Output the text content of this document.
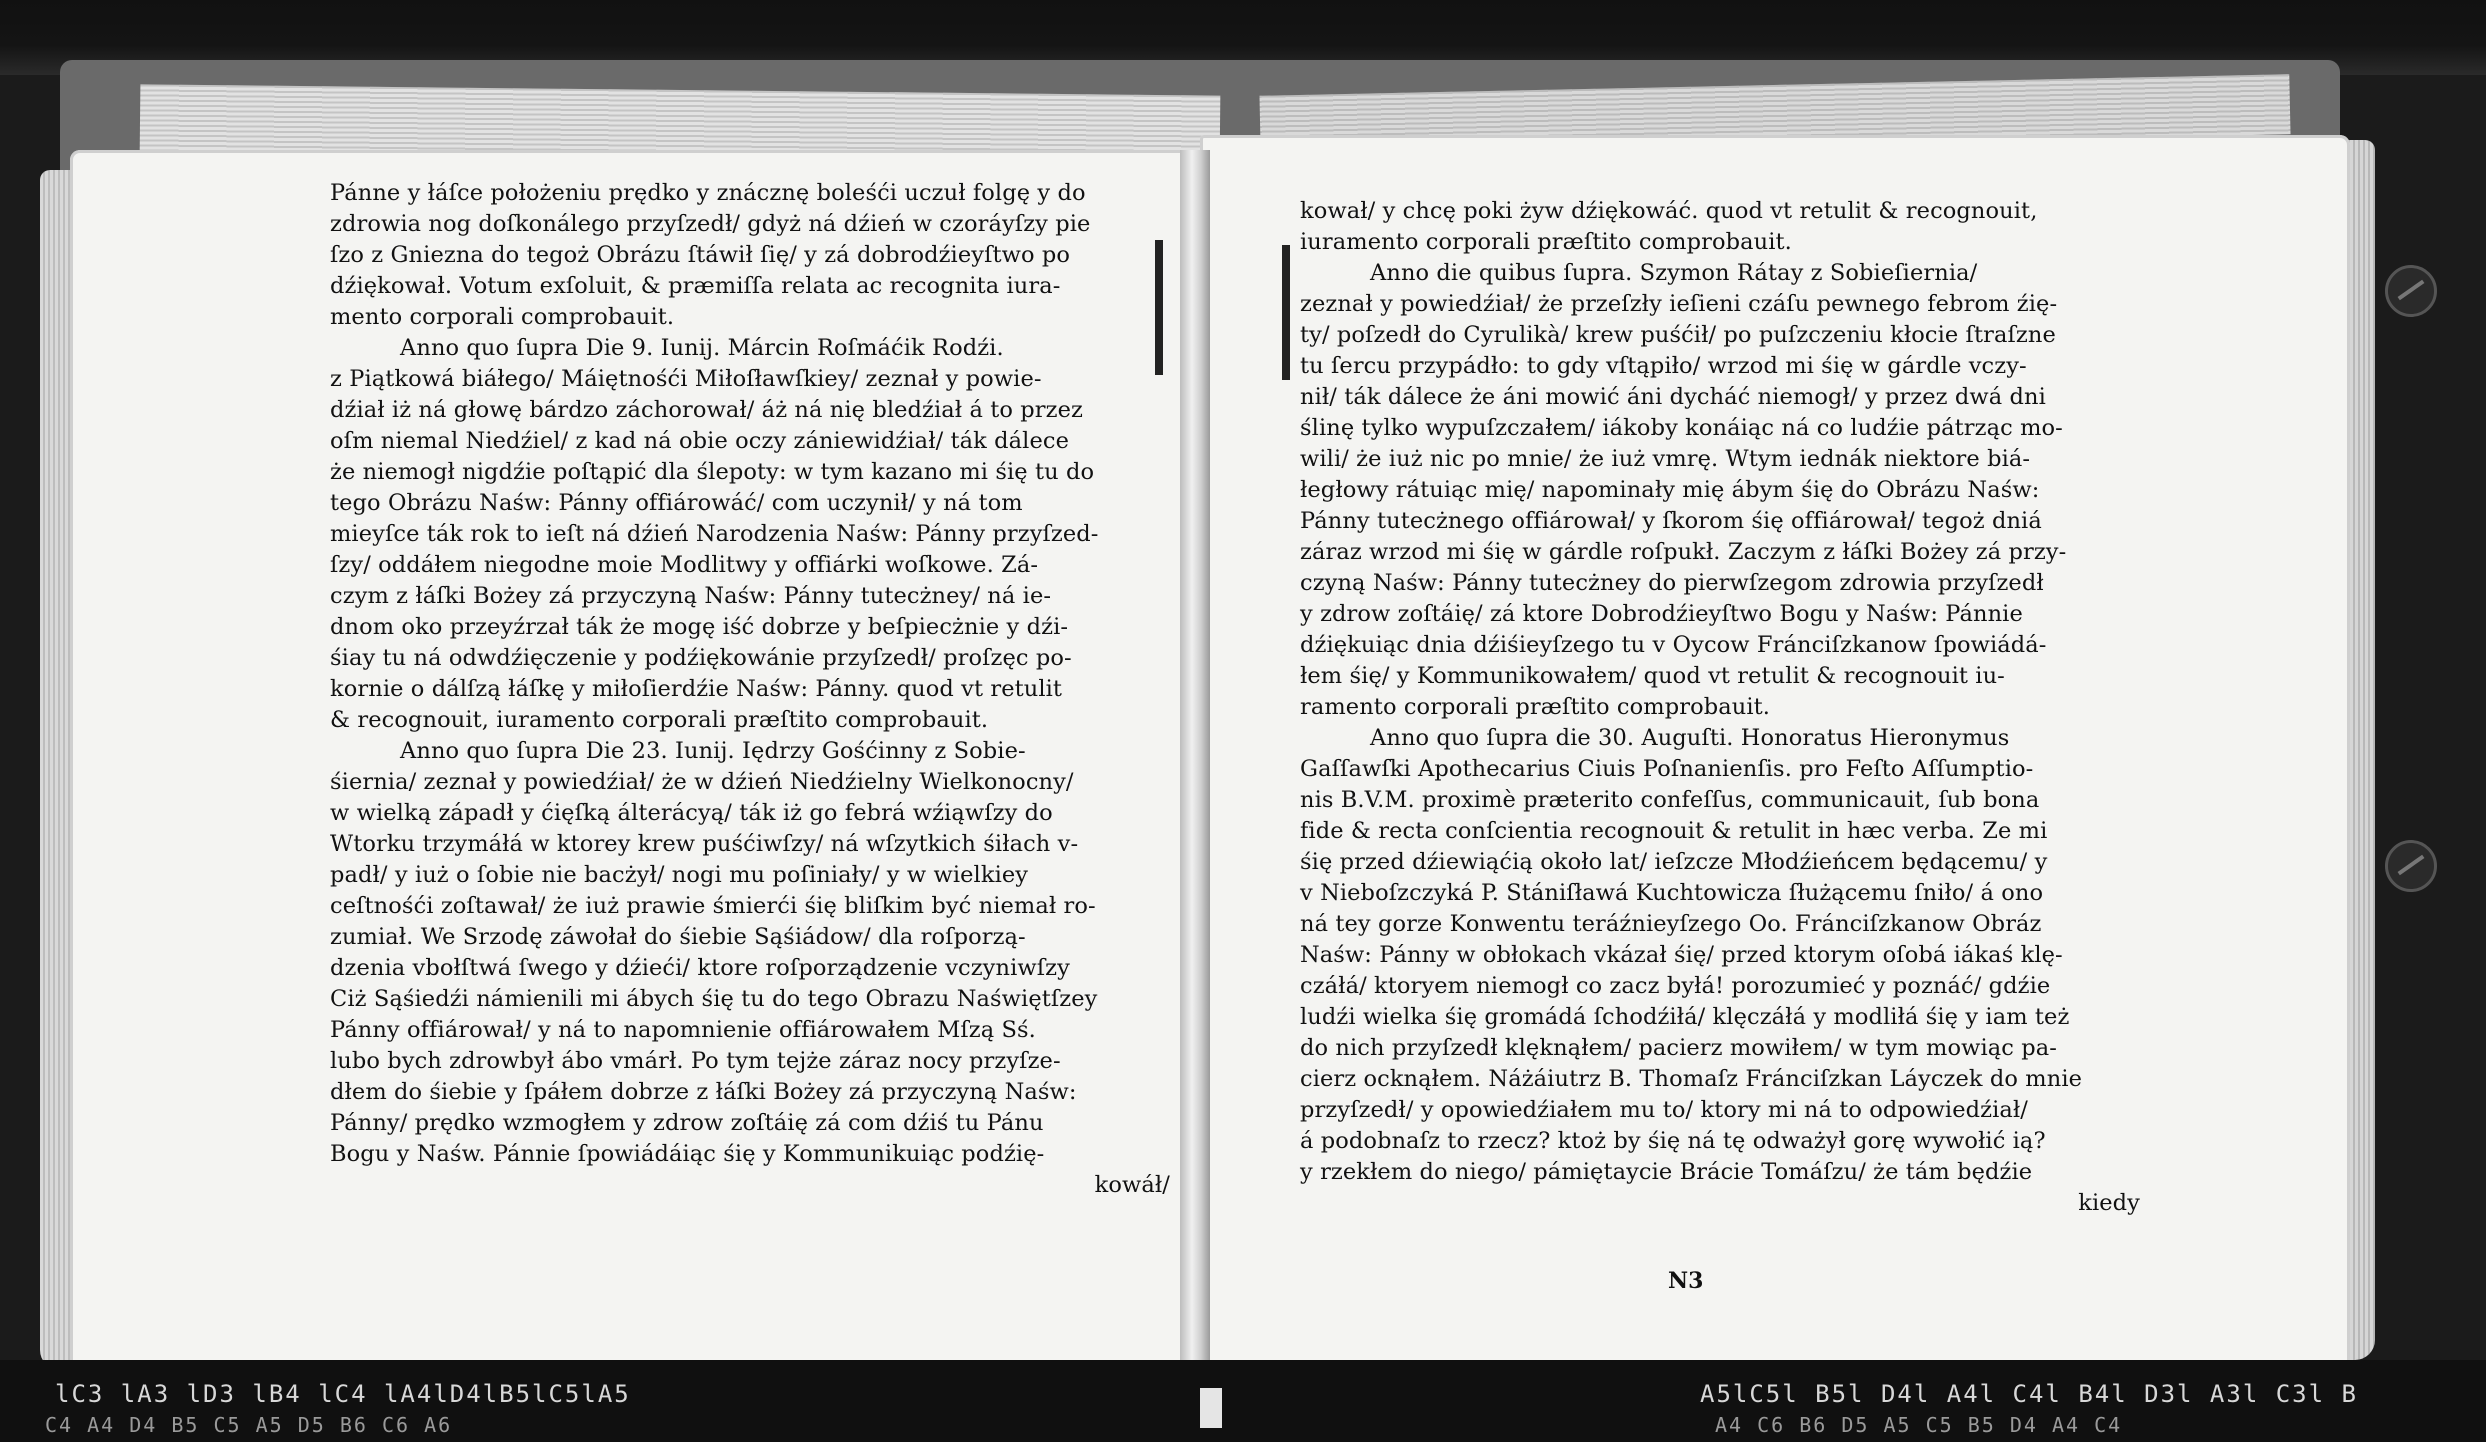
Pánne y łáſce położeniu prędko y znácznę boleśći uczuł folgę y do
zdrowia nog doſkonálego przyſzedł/ gdyż ná dźień w czoráyſzy pie
ſzo z Gniezna do tegoż Obrázu ſtáwił ſię/ y zá dobrodźieyſtwo po
dźiękował. Votum exſoluit, & præmiſſa relata ac recognita iura-
mento corporali comprobauit.
Anno quo ſupra Die 9. Iunij. Márcin Roſmáćik Rodźi.
z Piątkowá biáłego/ Máiętnośći Miłoſławſkiey/ zeznał y powie-
dźiał iż ná głowę bárdzo záchorował/ áż ná nię bledźiał á to przez
oſm niemal Niedźiel/ z kad ná obie oczy zániewidźiał/ ták dálece
że niemogł nigdźie poſtąpić dla ślepoty: w tym kazano mi śię tu do
tego Obrázu Naśw: Pánny offiárowáć/ com uczynił/ y ná tom
mieyſce ták rok to ieſt ná dźień Narodzenia Naśw: Pánny przyſzed-
ſzy/ oddáłem niegodne moie Modlitwy y offiárki woſkowe. Zá-
czym z łáſki Bożey zá przyczyną Naśw: Pánny tutecżney/ ná ie-
dnom oko przeyźrzał ták że mogę iść dobrze y beſpiecżnie y dźi-
śiay tu ná odwdźięczenie y podźiękowánie przyſzedł/ proſzęc po-
kornie o dálſzą łáſkę y miłoſierdźie Naśw: Pánny. quod vt retulit
& recognouit, iuramento corporali præſtito comprobauit.
Anno quo ſupra Die 23. Iunij. Iędrzy Gośćinny z Sobie-
śiernia/ zeznał y powiedźiał/ że w dźień Niedźielny Wielkonocny/
w wielką západł y ćięſką álterácyą/ ták iż go febrá wźiąwſzy do
Wtorku trzymáłá w ktorey krew puśćiwſzy/ ná wſzytkich śiłach v-
padł/ y iuż o ſobie nie bacżył/ nogi mu poſiniały/ y w wielkiey
ceſtnośći zoſtawał/ że iuż prawie śmierći śię bliſkim być niemał ro-
zumiał. We Srzodę záwołał do śiebie Sąśiádow/ dla roſporzą-
dzenia vbołſtwá ſwego y dźieći/ ktore roſporządzenie vczyniwſzy
Ciż Sąśiedźi námienili mi ábych śię tu do tego Obrazu Naświętſzey
Pánny offiárował/ y ná to napomnienie offiárowałem Mſzą Sś.
lubo bych zdrowbył ábo vmárł. Po tym tejże záraz nocy przyſze-
dłem do śiebie y ſpáłem dobrze z łáſki Bożey zá przyczyną Naśw:
Pánny/ prędko wzmogłem y zdrow zoſtáię zá com dźiś tu Pánu
Bogu y Naśw. Pánnie ſpowiádáiąc śię y Kommunikuiąc podźię-
kowáł/
kował/ y chcę poki żyw dźiękowáć. quod vt retulit & recognouit,
iuramento corporali præſtito comprobauit.
Anno die quibus ſupra. Szymon Rátay z Sobieſiernia/
zeznał y powiedźiał/ że przeſzły ieſieni czáſu pewnego febrom źię-
ty/ poſzedł do Cyrulikà/ krew puśćił/ po puſzczeniu kłocie ſtraſzne
tu ſercu przypádło: to gdy vſtąpiło/ wrzod mi śię w gárdle vczy-
nił/ ták dálece że áni mowić áni dycháć niemogł/ y przez dwá dni
ślinę tylko wypuſzczałem/ iákoby konáiąc ná co ludźie pátrząc mo-
wili/ że iuż nic po mnie/ że iuż vmrę. Wtym iednák niektore biá-
łegłowy rátuiąc mię/ napominały mię ábym śię do Obrázu Naśw:
Pánny tutecżnego offiárował/ y ſkorom śię offiárował/ tegoż dniá
záraz wrzod mi śię w gárdle roſpukł. Zaczym z łáſki Bożey zá przy-
czyną Naśw: Pánny tutecżney do pierwſzegom zdrowia przyſzedł
y zdrow zoſtáię/ zá ktore Dobrodźieyſtwo Bogu y Naśw: Pánnie
dźiękuiąc dnia dźiśieyſzego tu v Oycow Fránciſzkanow ſpowiádá-
łem śię/ y Kommunikowałem/ quod vt retulit & recognouit iu-
ramento corporali præſtito comprobauit.
Anno quo ſupra die 30. Auguſti. Honoratus Hieronymus
Gaſſawſki Apothecarius Ciuis Poſnanienſis. pro Feſto Aſſumptio-
nis B.V.M. proximè præterito confeſſus, communicauit, ſub bona
fide & recta conſcientia recognouit & retulit in hæc verba. Ze mi
śię przed dźiewiąćią około lat/ ieſzcze Młodźieńcem będącemu/ y
v Nieboſzczyká P. Stániſławá Kuchtowicza ſłużącemu ſniło/ á ono
ná tey gorze Konwentu teráźnieyſzego Oo. Fránciſzkanow Obráz
Naśw: Pánny w obłokach vkázał śię/ przed ktorym oſobá iákaś klę-
czáłá/ ktoryem niemogł co zacz byłá! porozumieć y poznáć/ gdźie
ludźi wielka śię gromádá ſchodźiłá/ klęczáłá y modliłá śię y iam też
do nich przyſzedł klęknąłem/ pacierz mowiłem/ w tym mowiąc pa-
cierz ocknąłem. Náżáiutrz B. Thomaſz Fránciſzkan Láyczek do mnie
przyſzedł/ y opowiedźiałem mu to/ ktory mi ná to odpowiedźiał/
á podobnaſz to rzecz? ktoż by śię ná tę odważył gorę wywołić ią?
y rzekłem do niego/ pámiętaycie Brácie Tomáſzu/ że tám będźie
kiedy
N3
lC3 lA3 lD3 lB4 lC4 lA4lD4lB5lC5lA5
C4 A4 D4 B5 C5 A5 D5 B6 C6 A6
A5lC5l B5l D4l A4l C4l B4l D3l A3l C3l B
A4 C6 B6 D5 A5 C5 B5 D4 A4 C4
